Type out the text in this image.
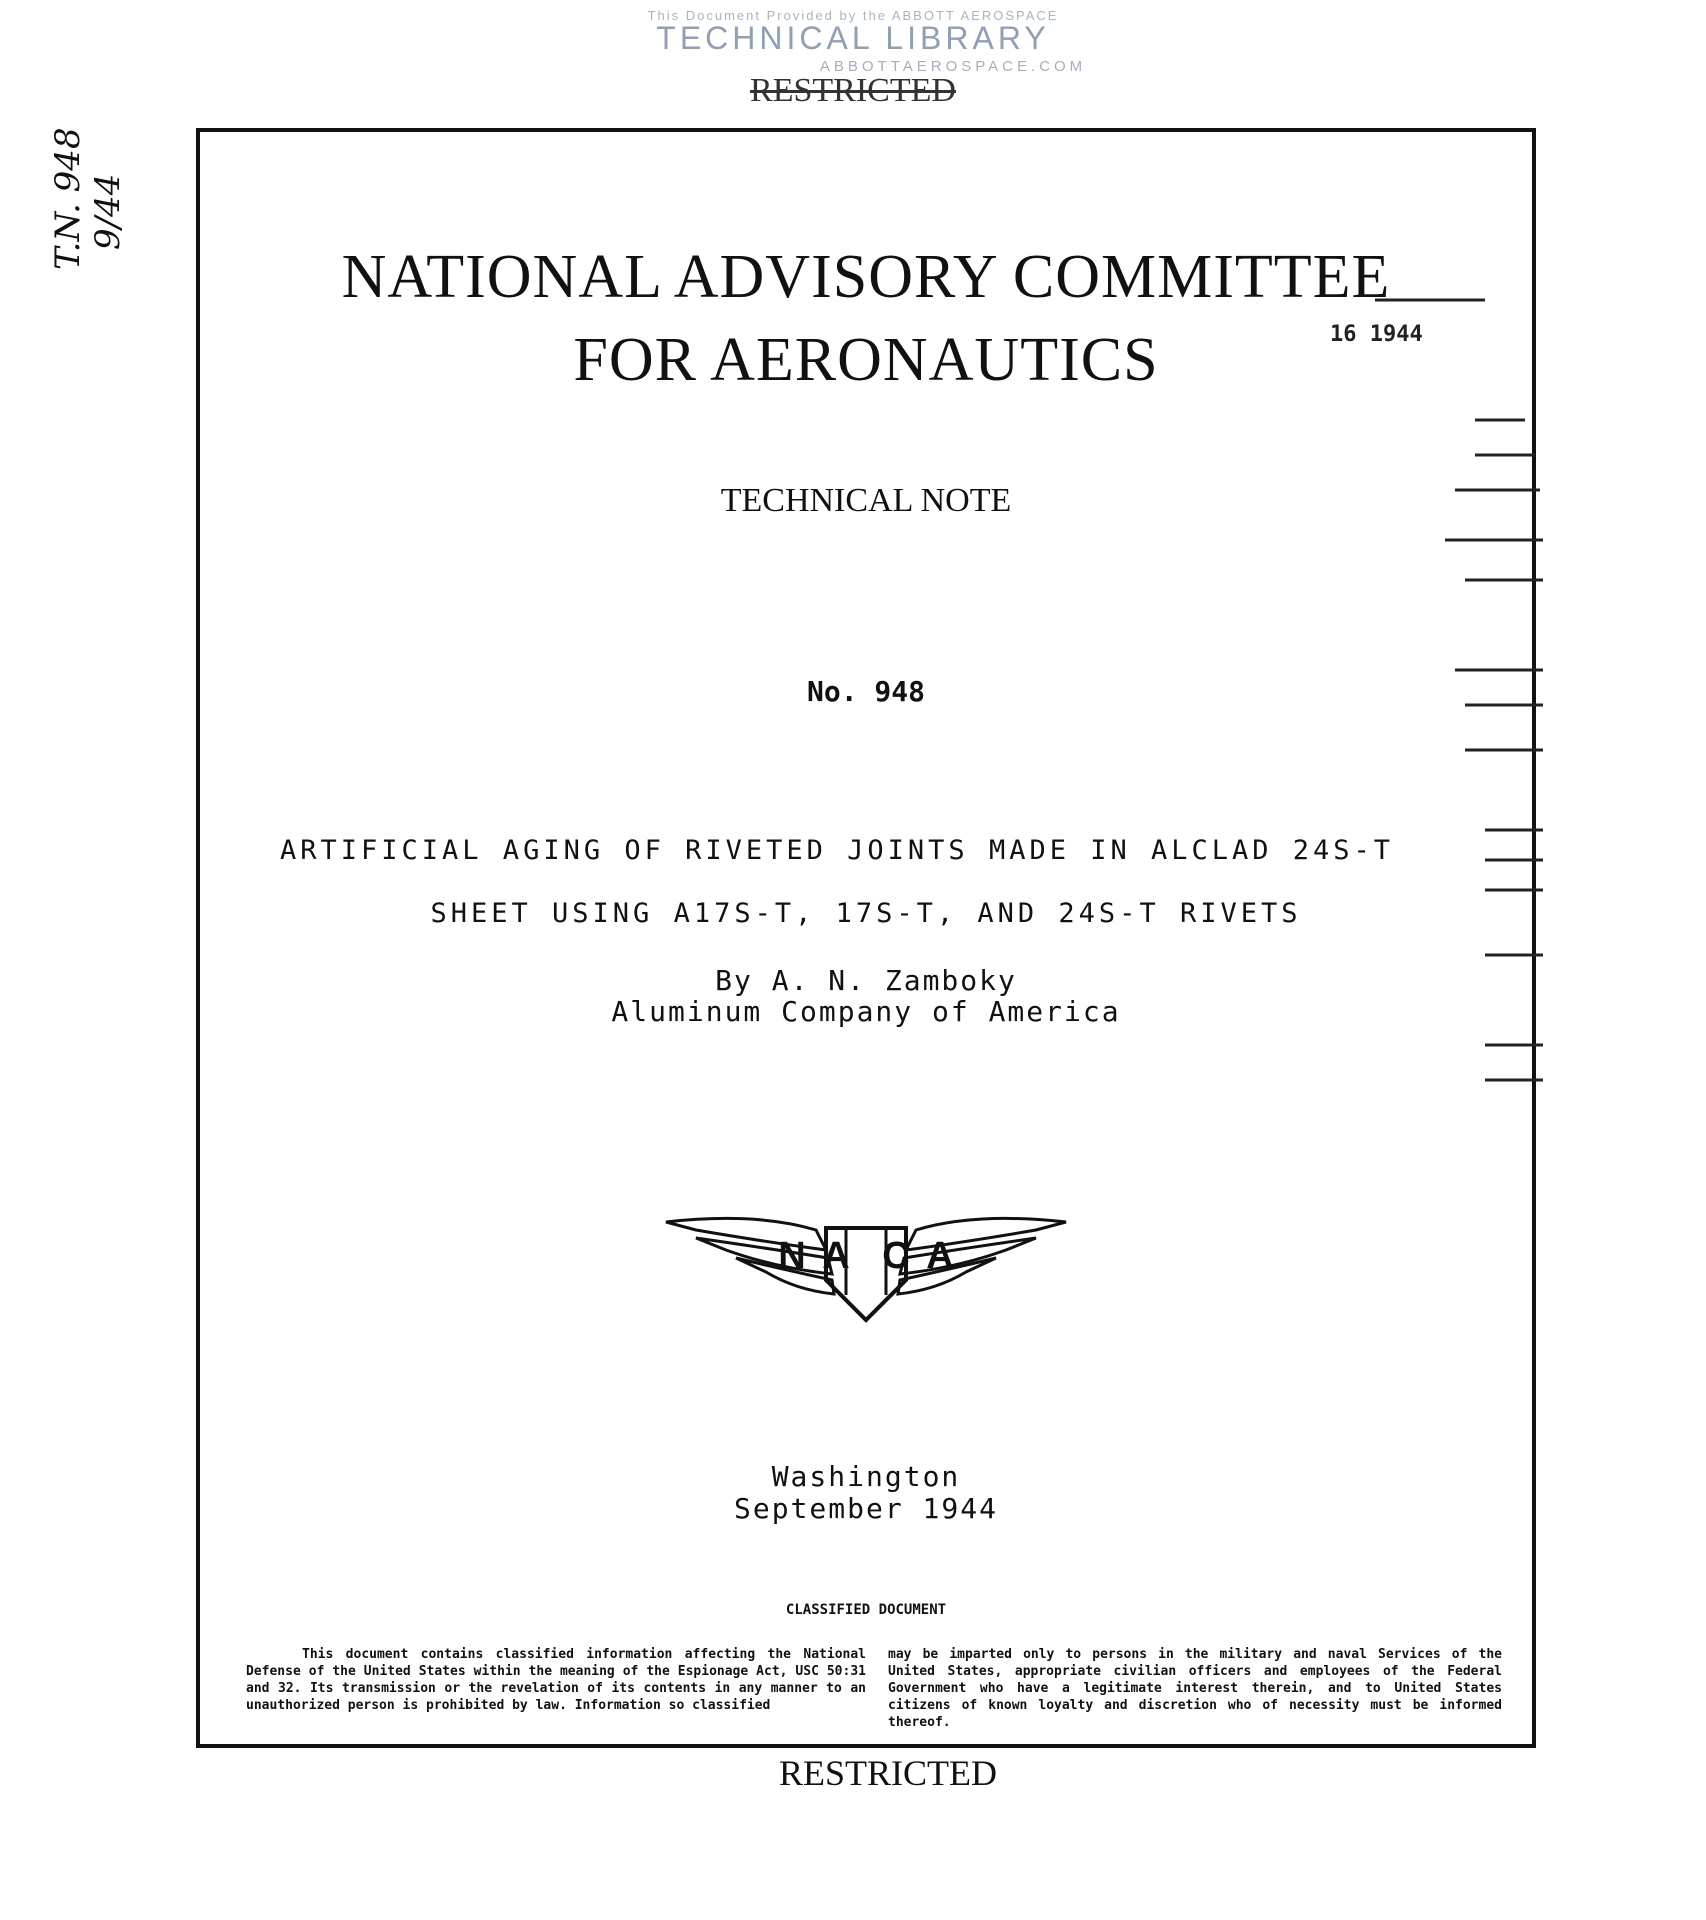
This Document Provided by the ABBOTT AEROSPACE
TECHNICAL LIBRARY
ABBOTTAEROSPACE.COM
RESTRICTED
T.N. 948 9/44
16 1944
NATIONAL ADVISORY COMMITTEE
FOR AERONAUTICS
TECHNICAL NOTE
No. 948
ARTIFICIAL AGING OF RIVETED JOINTS MADE IN ALCLAD 24S-T
SHEET USING A17S-T, 17S-T, AND 24S-T RIVETS
By A. N. Zamboky
Aluminum Company of America
N A C A
Washington
September 1944
CLASSIFIED DOCUMENT
This document contains classified information affecting the National Defense of the United States within the meaning of the Espionage Act, USC 50:31 and 32. Its transmission or the revelation of its contents in any manner to an unauthorized person is prohibited by law. Information so classified
may be imparted only to persons in the military and naval Services of the United States, appropriate civilian officers and employees of the Federal Government who have a legitimate interest therein, and to United States citizens of known loyalty and discretion who of necessity must be informed thereof.
RESTRICTED
